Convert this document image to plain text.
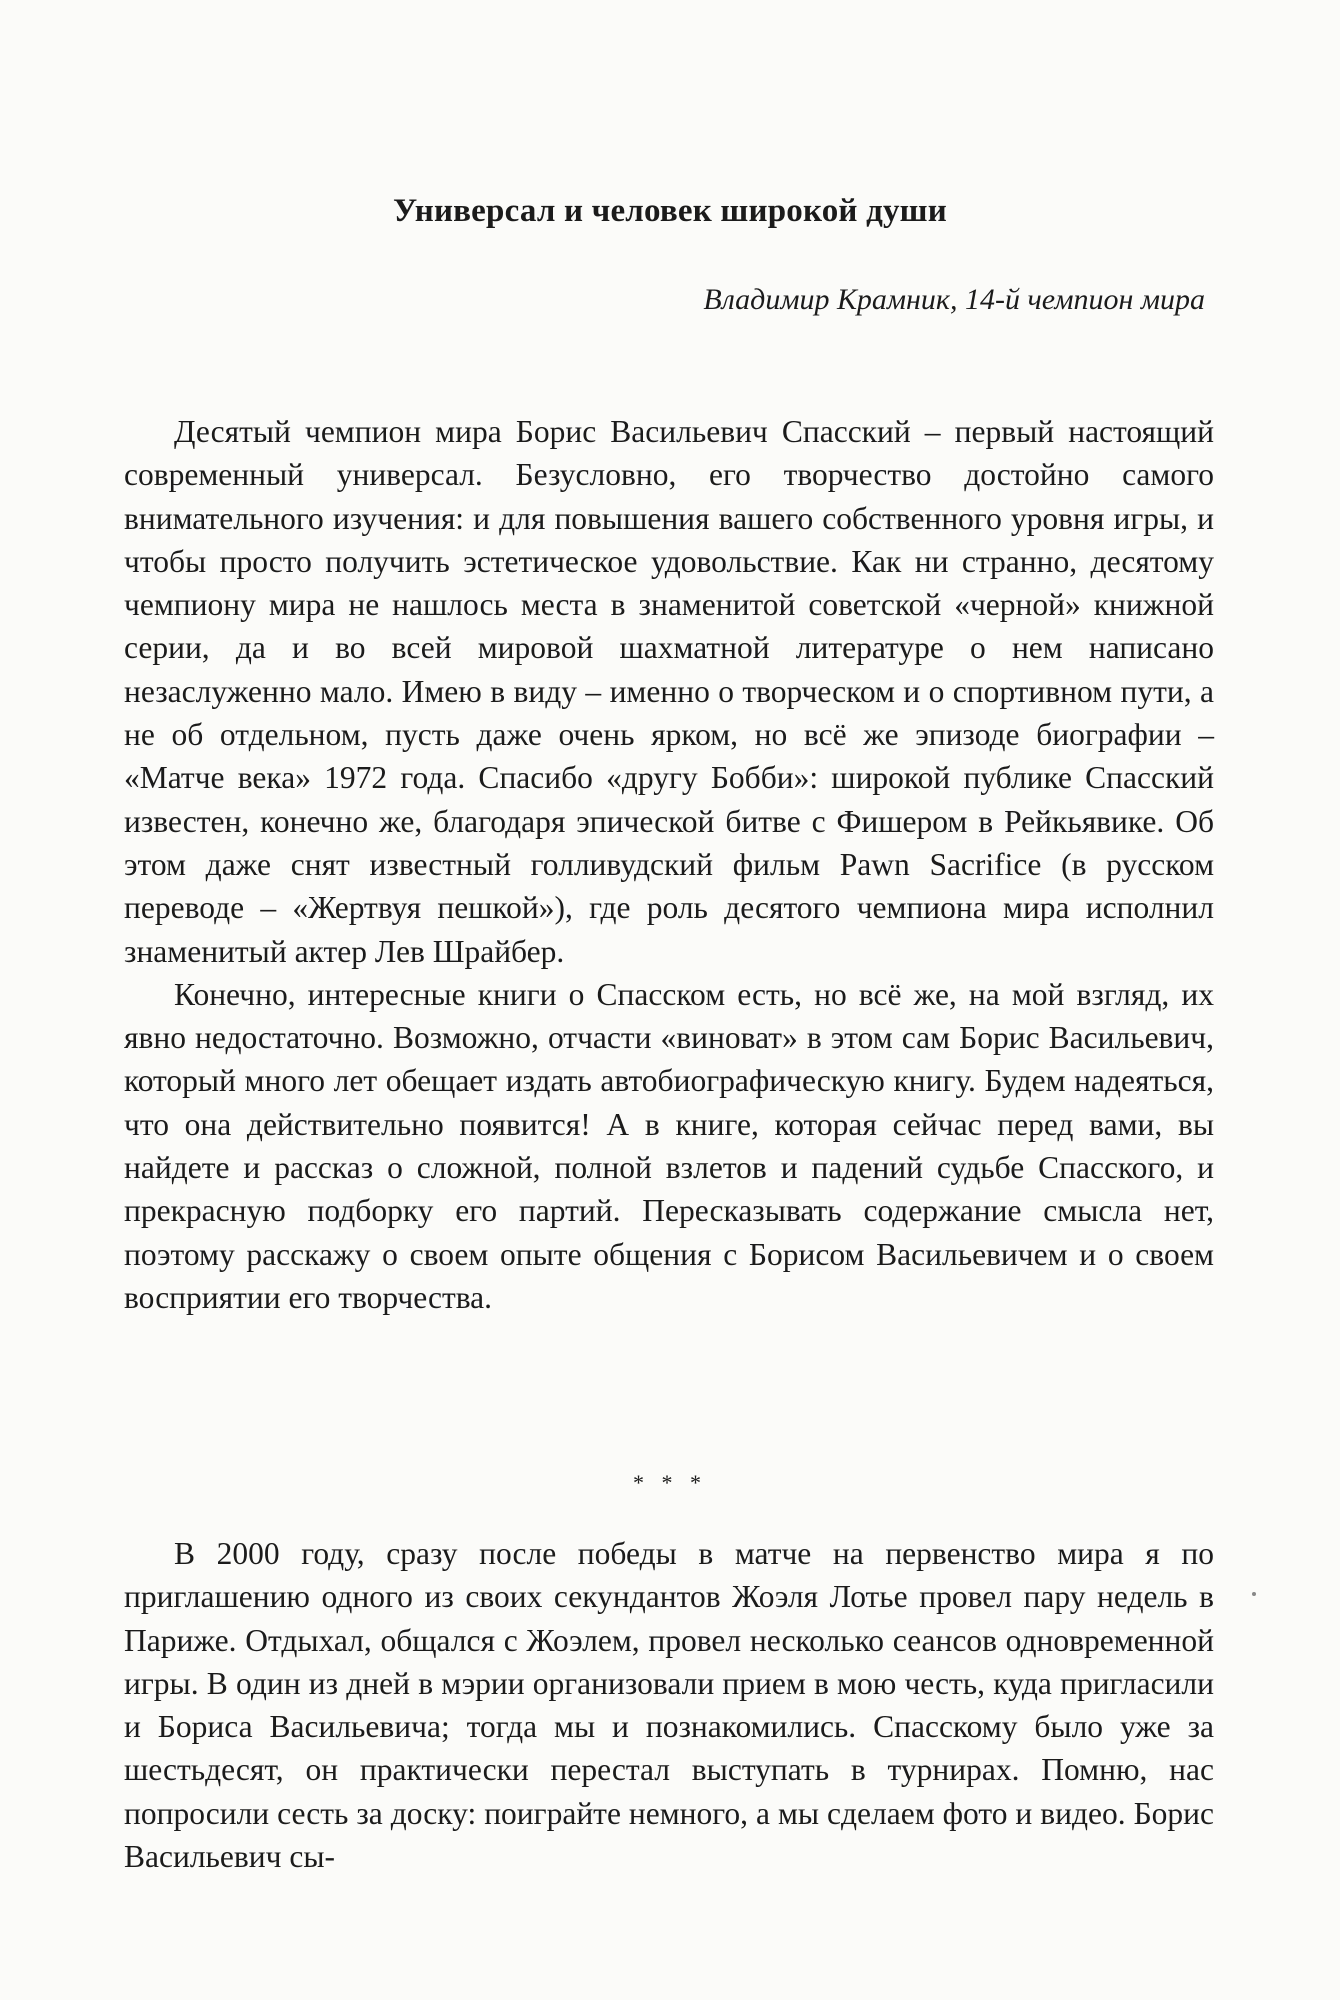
Универсал и человек широкой души
Владимир Крамник, 14-й чемпион мира

Десятый чемпион мира Борис Васильевич Спасский – первый настоящий современный универсал. Безусловно, его творчество достойно самого внимательного изучения: и для повышения вашего собственного уровня игры, и чтобы просто получить эстетическое удовольствие. Как ни странно, десятому чемпиону мира не нашлось места в знаменитой советской «черной» книжной серии, да и во всей мировой шахматной литературе о нем написано незаслуженно мало. Имею в виду – именно о творческом и о спортивном пути, а не об отдельном, пусть даже очень ярком, но всё же эпизоде биографии – «Матче века» 1972 года. Спасибо «другу Бобби»: широкой публике Спасский известен, конечно же, благодаря эпической битве с Фишером в Рейкьявике. Об этом даже снят известный голливудский фильм Pawn Sacrifice (в русском переводе – «Жертвуя пешкой»), где роль десятого чемпиона мира исполнил знаменитый актер Лев Шрайбер.

Конечно, интересные книги о Спасском есть, но всё же, на мой взгляд, их явно недостаточно. Возможно, отчасти «виноват» в этом сам Борис Васильевич, который много лет обещает издать автобиографическую книгу. Будем надеяться, что она действительно появится! А в книге, которая сейчас перед вами, вы найдете и рассказ о сложной, полной взлетов и падений судьбе Спасского, и прекрасную подборку его партий. Пересказывать содержание смысла нет, поэтому расскажу о своем опыте общения с Борисом Васильевичем и о своем восприятии его творчества.

* * *

В 2000 году, сразу после победы в матче на первенство мира я по приглашению одного из своих секундантов Жоэля Лотье провел пару недель в Париже. Отдыхал, общался с Жоэлем, провел несколько сеансов одновременной игры. В один из дней в мэрии организовали прием в мою честь, куда пригласили и Бориса Васильевича; тогда мы и познакомились. Спасскому было уже за шестьдесят, он практически перестал выступать в турнирах. Помню, нас попросили сесть за доску: поиграйте немного, а мы сделаем фото и видео. Борис Васильевич сы-
